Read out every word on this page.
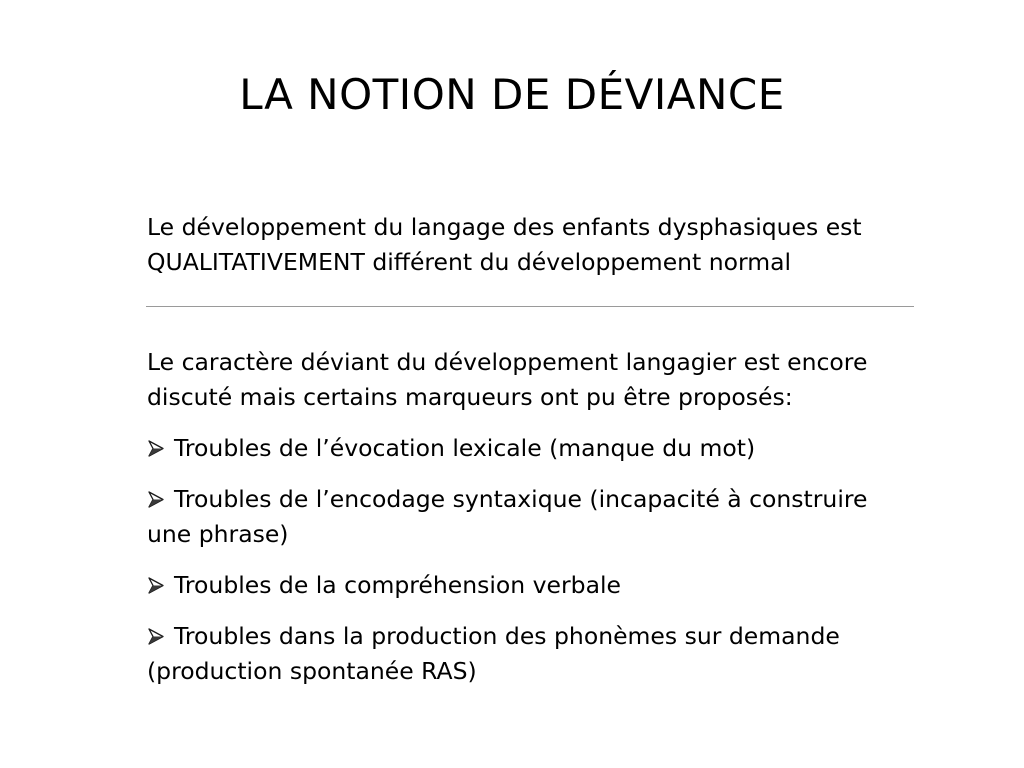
LA NOTION DE DÉVIANCE

Le développement du langage des enfants dysphasiques est
QUALITATIVEMENT différent du développement normal

Le caractère déviant du développement langagier est encore
discuté mais certains marqueurs ont pu être proposés:

Troubles de l’évocation lexicale (manque du mot)
Troubles de l’encodage syntaxique (incapacité à construire
une phrase)
Troubles de la compréhension verbale
Troubles dans la production des phonèmes sur demande
(production spontanée RAS)
